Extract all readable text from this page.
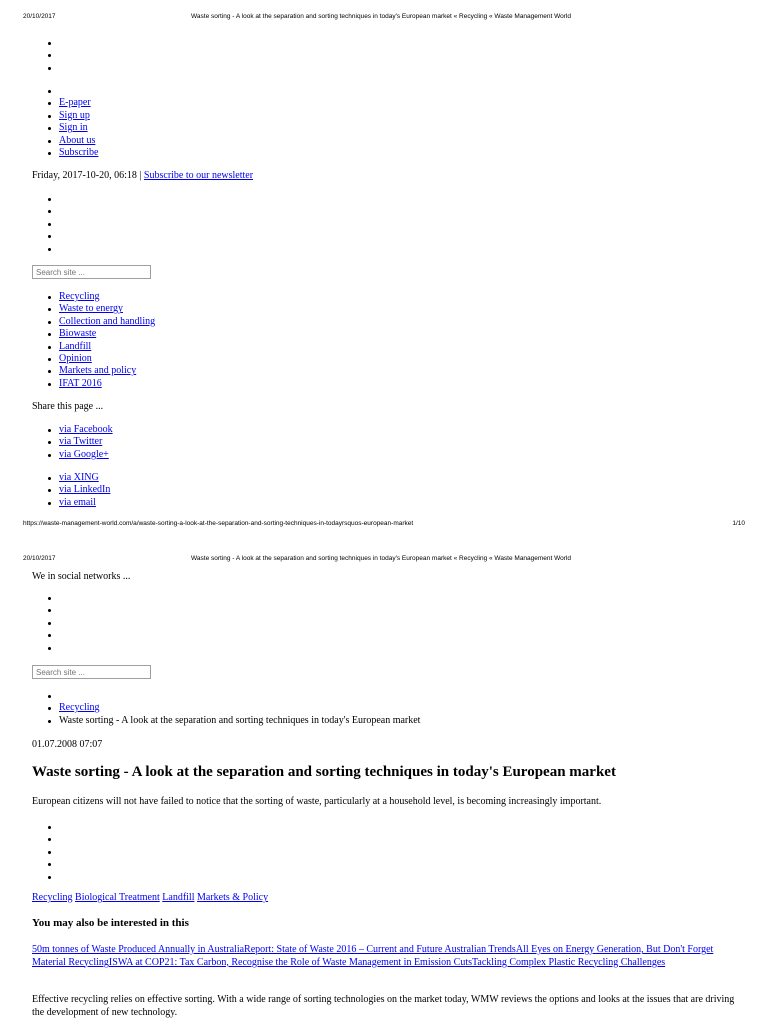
20/10/2017	Waste sorting - A look at the separation and sorting techniques in today's European market « Recycling « Waste Management World
E-paper
Sign up
Sign in
About us
Subscribe
Friday, 2017-10-20, 06:18 | Subscribe to our newsletter
Search site ...
Recycling
Waste to energy
Collection and handling
Biowaste
Landfill
Opinion
Markets and policy
IFAT 2016
Share this page ...
via Facebook
via Twitter
via Google+
via XING
via LinkedIn
via email
https://waste-management-world.com/a/waste-sorting-a-look-at-the-separation-and-sorting-techniques-in-todayrsquos-european-market	1/10
20/10/2017	Waste sorting - A look at the separation and sorting techniques in today's European market « Recycling « Waste Management World
We in social networks ...
Search site ...
Recycling
Waste sorting - A look at the separation and sorting techniques in today's European market
01.07.2008 07:07
Waste sorting - A look at the separation and sorting techniques in today's European market
European citizens will not have failed to notice that the sorting of waste, particularly at a household level, is becoming increasingly important.
Recycling Biological Treatment Landfill Markets & Policy
You may also be interested in this
50m tonnes of Waste Produced Annually in AustraliaReport: State of Waste 2016 – Current and Future Australian TrendsAll Eyes on Energy Generation, But Don't Forget Material RecyclingISWA at COP21: Tax Carbon, Recognise the Role of Waste Management in Emission CutsTackling Complex Plastic Recycling Challenges
Effective recycling relies on effective sorting. With a wide range of sorting technologies on the market today, WMW reviews the options and looks at the issues that are driving the development of new technology.
